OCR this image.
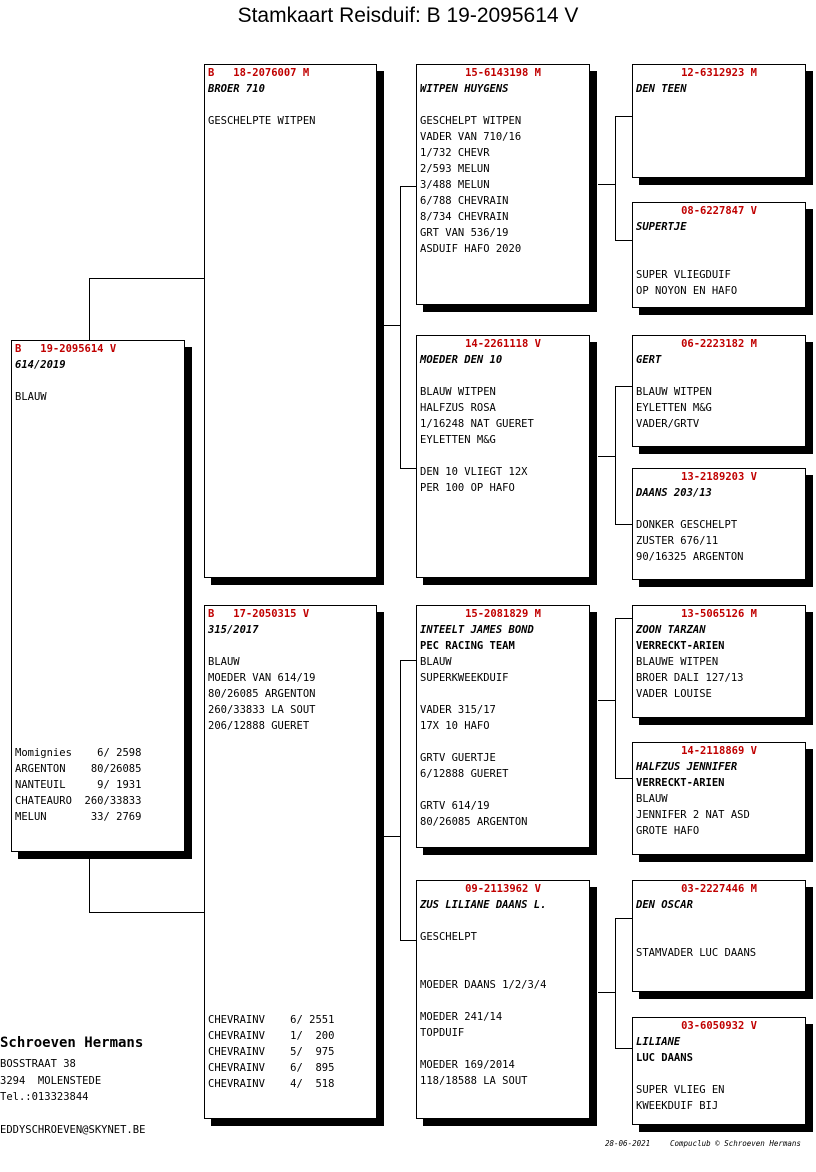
Stamkaart Reisduif: B 19-2095614 V
B   19-2095614 V
614/2019
BLAUW
Momignies    6/ 2598
ARGENTON    80/26085
NANTEUIL     9/ 1931
CHATEAURO  260/33833
MELUN       33/ 2769
B   18-2076007 M
BROER 710
GESCHELPTE WITPEN
B   17-2050315 V
315/2017
BLAUW
MOEDER VAN 614/19
80/26085 ARGENTON
260/33833 LA SOUT
206/12888 GUERET
CHEVRAINV    6/ 2551
CHEVRAINV    1/  200
CHEVRAINV    5/  975
CHEVRAINV    6/  895
CHEVRAINV    4/  518
15-6143198 M
WITPEN HUYGENS
GESCHELPT WITPEN
VADER VAN 710/16
1/732 CHEVR
2/593 MELUN
3/488 MELUN
6/788 CHEVRAIN
8/734 CHEVRAIN
GRT VAN 536/19
ASDUIF HAFO 2020
14-2261118 V
MOEDER DEN 10
BLAUW WITPEN
HALFZUS ROSA
1/16248 NAT GUERET
EYLETTEN M&G
DEN 10 VLIEGT 12X
PER 100 OP HAFO
15-2081829 M
INTEELT JAMES BOND
PEC RACING TEAM
BLAUW
SUPERKWEEKDUIF
VADER 315/17
17X 10 HAFO
GRTV GUERTJE
6/12888 GUERET
GRTV 614/19
80/26085 ARGENTON
09-2113962 V
ZUS LILIANE DAANS L.
GESCHELPT
MOEDER DAANS 1/2/3/4
MOEDER 241/14
TOPDUIF
MOEDER 169/2014
118/18588 LA SOUT
12-6312923 M
DEN TEEN
08-6227847 V
SUPERTJE
SUPER VLIEGDUIF
OP NOYON EN HAFO
06-2223182 M
GERT
BLAUW WITPEN
EYLETTEN M&G
VADER/GRTV
13-2189203 V
DAANS 203/13
DONKER GESCHELPT
ZUSTER 676/11
90/16325 ARGENTON
13-5065126 M
ZOON TARZAN
VERRECKT-ARIEN
BLAUWE WITPEN
BROER DALI 127/13
VADER LOUISE
14-2118869 V
HALFZUS JENNIFER
VERRECKT-ARIEN
BLAUW
JENNIFER 2 NAT ASD
GROTE HAFO
03-2227446 M
DEN OSCAR
STAMVADER LUC DAANS
03-6050932 V
LILIANE
LUC DAANS
SUPER VLIEG EN
KWEEKDUIF BIJ
Schroeven Hermans
BOSSTRAAT 38
3294  MOLENSTEDE
Tel.:013323844
EDDYSCHROEVEN@SKYNET.BE
28-06-2021	Compuclub © Schroeven Hermans
